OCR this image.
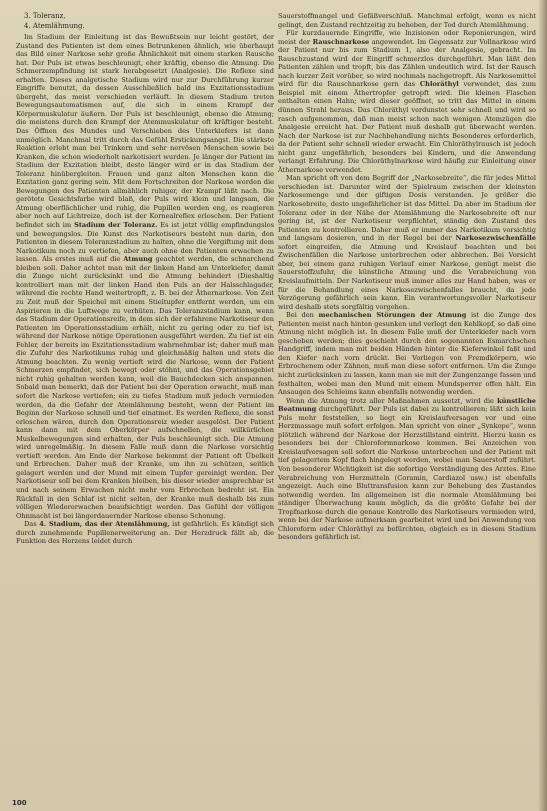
3. Toleranz,
4. Atemlähmung.

Im Stadium der Einleitung ist das Bewußtsein nur leicht gestört, der Zustand des Patienten ist dem eines Betrunkenen ähnlich, wie überhaupt das Bild einer Narkose sehr große Ähnlichkeit mit einem starken Rausche hat. Der Puls ist etwas beschleunigt, eher kräftig, ebenso die Atmung. Die Schmerzempfindung ist stark herabgesetzt (Analgesie). Die Reflexe sind erhalten. Dieses analgetische Stadium wird nur zur Durchführung kurzer Eingriffe benutzt, da dessen Ausschließlich bald ins Exzitationsstadium übergeht, das meist verschieden verläuft. In diesem Stadium treten Bewegungsautomatismen auf, die sich in einem Krampf der Körpermuskulatur äußern. Der Puls ist beschleunigt, ebenso die Atmung; die meistens durch den Krampf der Atemmuskulatur oft kräftiger besteht. Das Öffnen des Mundes und Verschieben des Unterkiefers ist dann unmöglich. Manchmal tritt durch das Gefühl Erstickungsangst. Die stärkste Reaktion erlebt man bei Trinkern und sehr nervösen Menschen sowie bei Kranken, die schon wiederholt narkotisiert wurden. Je länger der Patient im Stadium der Exzitation bleibt, desto länger wird er in das Stadium der Toleranz hinübergleiten. Frauen und ganz alten Menschen kann die Exzitation ganz gering sein. Mit dem Fortschreiten der Narkose werden die Bewegungen des Patienten allmählich ruhiger, der Krampf läßt nach. Die gerötete Gesichtsfarbe wird blaß, der Puls wird klein und langsam, die Atmung oberflächlicher und ruhig, die Pupillen werden eng, es reagieren aber noch auf Lichtreize, doch ist der Kornealreflex erloschen. Der Patient befindet sich im Stadium der Toleranz. Es ist jetzt völlig empfindungslos und bewegungslos. Die Kunst des Narkotiseurs besteht nun darin, den Patienten in diesem Toleranzstadium zu halten, ohne die Vergiftung mit dem Narkotikum noch zu vertiefen, aber auch ohne den Patienten erwachen zu lassen. Als erstes muß auf die Atmung geachtet werden, die schnarchend bleiben soll. Daher achtet man mit der linken Hand am Unterkiefer, damit die Zunge nicht zurücksinkt und die Atmung behindert (Dieshaltig kontrolliert man mit der linken Hand den Puls an der Halsschlagader, während die rechte Hand weitertropft, z. B. bei der Äthernarkose. Von Zeit zu Zeit muß der Speichel mit einem Stieltupfer entfernt werden, um ein Aspirieren in die Luftwege zu verhüten. Das Toleranzstadium kann, wenn das Stadium der Operationsreife, in dem sich der erfahrene Narkotiseur den Patienten im Operationsstadium erhält, nicht zu gering oder zu tief ist, während der Narkose nötige Operationen ausgeführt werden. Zu tief ist ein Fehler, der bereits im Exzitationsstadium wahrnehmbar ist; daher muß man die Zufuhr des Narkotikums ruhig und gleichmäßig halten und stets die Atmung beachten. Zu wenig vertieft wird die Narkose, wenn der Patient Schmerzen empfindet, sich bewegt oder stöhnt, und das Operationsgebiet nicht ruhig gehalten werden kann, weil die Bauchdecken sich anspannen. Sobald man bemerkt, daß der Patient bei der Operation erwacht, muß man sofort die Narkose vertiefen; ein zu tiefes Stadium muß jedoch vermieden werden, da die Gefahr der Atemlähmung besteht, wenn der Patient im Beginn der Narkose schnell und tief einatmet. Es werden Reflexe, die sonst erloschen wären, durch den Operationsreiz wieder ausgelöst. Der Patient kann dann mit dem Oberkörper aufschnellen, die willkürlichen Muskelbewegungen sind erhalten, der Puls beschleunigt sich. Die Atmung wird unregelmäßig. In diesem Falle muß dann die Narkose vorsichtig vertieft werden. Am Ende der Narkose bekommt der Patient oft Übelkeit und Erbrechen. Daher muß der Kranke, um ihn zu schützen, seitlich gelagert werden und der Mund mit einem Tupfer gereinigt werden. Der Narkotiseur soll bei dem Kranken bleiben, bis dieser wieder ansprechbar ist und nach seinem Erwachen nicht mehr vom Erbrechen bedroht ist. Ein Rückfall in den Schlaf ist nicht selten, der Kranke muß deshalb bis zum völligen Wiedererwachen beaufsichtigt werden. Das Gefühl der völligen Ohnmacht ist bei längerdauernder Narkose ebenso Schonung.

Das 4. Stadium, das der Atemlähmung, ist gefährlich. Es kündigt sich durch zunehmende Pupillenerweiterung an. Der Herzdruck fällt ab, die Funktion des Herzens leidet durch

Sauerstoffmangel und Gefäßverschluß. Manchmal erfolgt, wenn es nicht gelingt, den Zustand rechtzeitig zu beheben, der Tod durch Atemlähmung.

Für kurzdauernde Eingriffe, wie Inzisionen oder Reponierungen, wird meist der Rauschnarkose angewendet. Im Gegensatz zur Vollnarkose wird der Patient nur bis zum Stadium 1, also der Analgesie, gebracht. Im Rauschzustand wird der Eingriff schmerzlos durchgeführt. Man läßt den Patienten zählen und tropft, bis das Zählen undeutlich wird. Ist der Rausch nach kurzer Zeit vorüber, so wird nochmals nachgetropft. Als Narkosemittel wird für die Rauschnarkose gern das Chloräthyl verwendet, das zum Beispiel mit einem Äthertropfer getropft wird. Die kleinen Flaschen enthalten einen Hahn; wird dieser geöffnet, so tritt das Mittel in einem dünnen Strahl heraus. Das Chloräthyl verdunstet sehr schnell und wird so rasch aufgenommen, daß man meist schon nach wenigen Atemzügen die Analgesie erreicht hat. Der Patient muß deshalb gut überwacht werden. Nach der Narkose ist zur Nachbehandlung nichts Besonderes erforderlich, da der Patient sehr schnell wieder erwacht. Ein Chloräthylrausch ist jedoch nicht ganz ungefährlich, besonders bei Kindern, und die Anwendung verlangt Erfahrung. Die Chloräthylnarkose wird häufig zur Einleitung einer Äthernarkose verwendet.

Man spricht oft von dem Begriff der „Narkosebreite“, die für jedes Mittel verschieden ist. Darunter wird der Spielraum zwischen der kleinsten Narkosemenge und der giftigen Dosis verstanden. Je größer die Narkosebreite, desto ungefährlicher ist das Mittel. Da aber im Stadium der Toleranz oder in der Nähe der Atemlähmung die Narkosebreite oft nur gering ist, ist der Narkotiseur verpflichtet, ständig den Zustand des Patienten zu kontrollieren. Daher muß er immer das Narkotikum vorsichtig und langsam dosieren, und in der Regel bei der Narkosezwischenfälle sofort eingreifen, die Atmung und Kreislauf beachten und bei Zwischenfällen die Narkose unterbrechen oder abbrechen. Bei Vorsicht aber, bei einem ganz ruhigen Verlauf einer Narkose, genügt meist die Sauerstoffzufuhr, die künstliche Atmung und die Verabreichung von Kreislaufmitteln. Der Narkotiseur muß immer alles zur Hand haben, was er für die Behandlung eines Narkosezwischenfalles braucht, da jede Verzögerung gefährlich sein kann. Ein verantwortungsvoller Narkotiseur wird deshalb stets sorgfältig vorgehen.

Bei den mechanischen Störungen der Atmung ist die Zunge des Patienten meist nach hinten gesunken und verlegt den Kehlkopf, so daß eine Atmung nicht möglich ist. In diesem Falle muß der Unterkiefer nach vorn geschoben werden; dies geschieht durch den sogenannten Esmarchschen Handgriff, indem man mit beiden Händen hinter die Kieferwinkel faßt und den Kiefer nach vorn drückt. Bei Vorliegen von Fremdkörpern, wie Erbrochenem oder Zähnen, muß man diese sofort entfernen. Um die Zunge nicht zurücksinken zu lassen, kann man sie mit der Zungenzange fassen und festhalten, wobei man den Mund mit einem Mundsperrer offen hält. Ein Ansaugen des Schleims kann ebenfalls notwendig werden.

Wenn die Atmung trotz aller Maßnahmen aussetzt, wird die künstliche Beatmung durchgeführt. Der Puls ist dabei zu kontrollieren; läßt sich kein Puls mehr feststellen, so liegt ein Kreislaufversagen vor und eine Herzmassage muß sofort erfolgen. Man spricht von einer „Synkope“, wenn plötzlich während der Narkose der Herzstillstand eintritt. Hierzu kann es besonders bei der Chloroformnarkose kommen. Bei Anzeichen von Kreislaufversagen soll sofort die Narkose unterbrochen und der Patient mit tief gelagertem Kopf flach hingelegt werden, wobei man Sauerstoff zuführt. Von besonderer Wichtigkeit ist die sofortige Verständigung des Arztes. Eine Verabreichung von Herzmitteln (Coramin, Cardiazol usw.) ist ebenfalls angezeigt. Auch eine Bluttransfusion kann zur Behebung des Zustandes notwendig werden. Im allgemeinen ist die normale Atemlähmung bei ständiger Überwachung kaum möglich, da die größte Gefahr bei der Tropfnarkose durch die genaue Kontrolle des Narkotiseurs vermieden wird, wenn bei der Narkose aufmerksam gearbeitet wird und bei Anwendung von Chloroform oder Chloräthyl zu befürchten, obgleich es in diesem Stadium besonders gefährlich ist.

100
